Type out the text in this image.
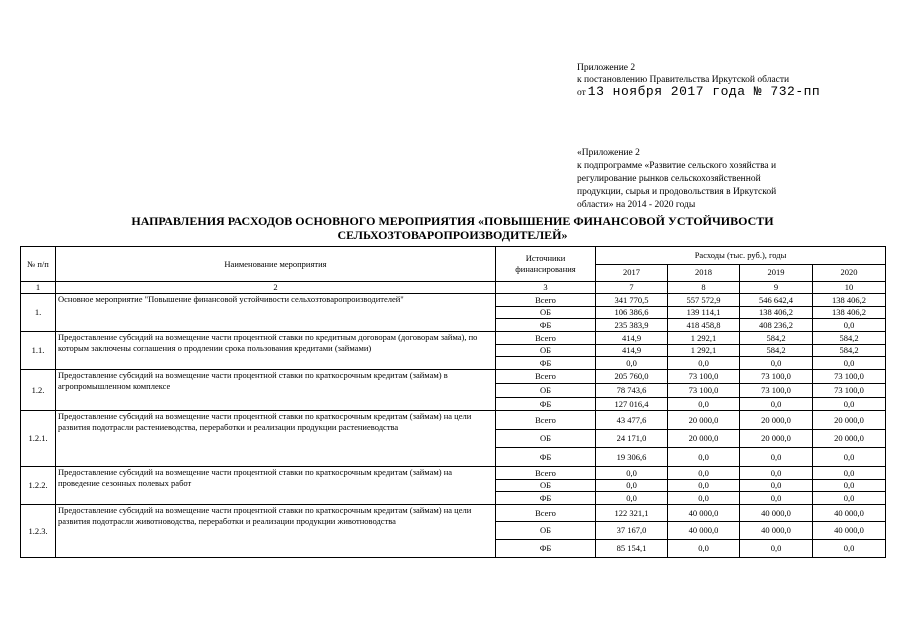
Приложение 2
к постановлению Правительства Иркутской области
от 13 ноября 2017 года № 732-пп
«Приложение 2
к подпрограмме «Развитие сельского хозяйства и
регулирование рынков сельскохозяйственной
продукции, сырья и продовольствия в Иркутской
области» на 2014 - 2020 годы
НАПРАВЛЕНИЯ РАСХОДОВ ОСНОВНОГО МЕРОПРИЯТИЯ «ПОВЫШЕНИЕ ФИНАНСОВОЙ УСТОЙЧИВОСТИ
СЕЛЬХОЗТОВАРОПРОИЗВОДИТЕЛЕЙ»
№ п/п	Наименование мероприятия	Источники финансирования	Расходы (тыс. руб.), годы			
			2017	2018	2019	2020
1	2	3	7	8	9	10
1.	Основное мероприятие "Повышение финансовой устойчивости сельхозтоваропроизводителей"	Всего	341 770,5	557 572,9	546 642,4	138 406,2
		ОБ	106 386,6	139 114,1	138 406,2	138 406,2
		ФБ	235 383,9	418 458,8	408 236,2	0,0
1.1.	Предоставление субсидий на возмещение части процентной ставки по кредитным договорам (договорам займа), по которым заключены соглашения о продлении срока пользования кредитами (займами)	Всего	414,9	1 292,1	584,2	584,2
		ОБ	414,9	1 292,1	584,2	584,2
		ФБ	0,0	0,0	0,0	0,0
1.2.	Предоставление субсидий на возмещение части процентной ставки по краткосрочным кредитам (займам) в агропромышленном комплексе	Всего	205 760,0	73 100,0	73 100,0	73 100,0
		ОБ	78 743,6	73 100,0	73 100,0	73 100,0
		ФБ	127 016,4	0,0	0,0	0,0
1.2.1.	Предоставление субсидий на возмещение части процентной ставки по краткосрочным кредитам (займам) на цели развития подотрасли растениеводства, переработки и реализации продукции растениеводства	Всего	43 477,6	20 000,0	20 000,0	20 000,0
		ОБ	24 171,0	20 000,0	20 000,0	20 000,0
		ФБ	19 306,6	0,0	0,0	0,0
1.2.2.	Предоставление субсидий на возмещение части процентной ставки по краткосрочным кредитам (займам) на проведение сезонных полевых работ	Всего	0,0	0,0	0,0	0,0
		ОБ	0,0	0,0	0,0	0,0
		ФБ	0,0	0,0	0,0	0,0
1.2.3.	Предоставление субсидий на возмещение части процентной ставки по краткосрочным кредитам (займам) на цели развития подотрасли животноводства, переработки и реализации продукции животноводства	Всего	122 321,1	40 000,0	40 000,0	40 000,0
		ОБ	37 167,0	40 000,0	40 000,0	40 000,0
		ФБ	85 154,1	0,0	0,0	0,0
